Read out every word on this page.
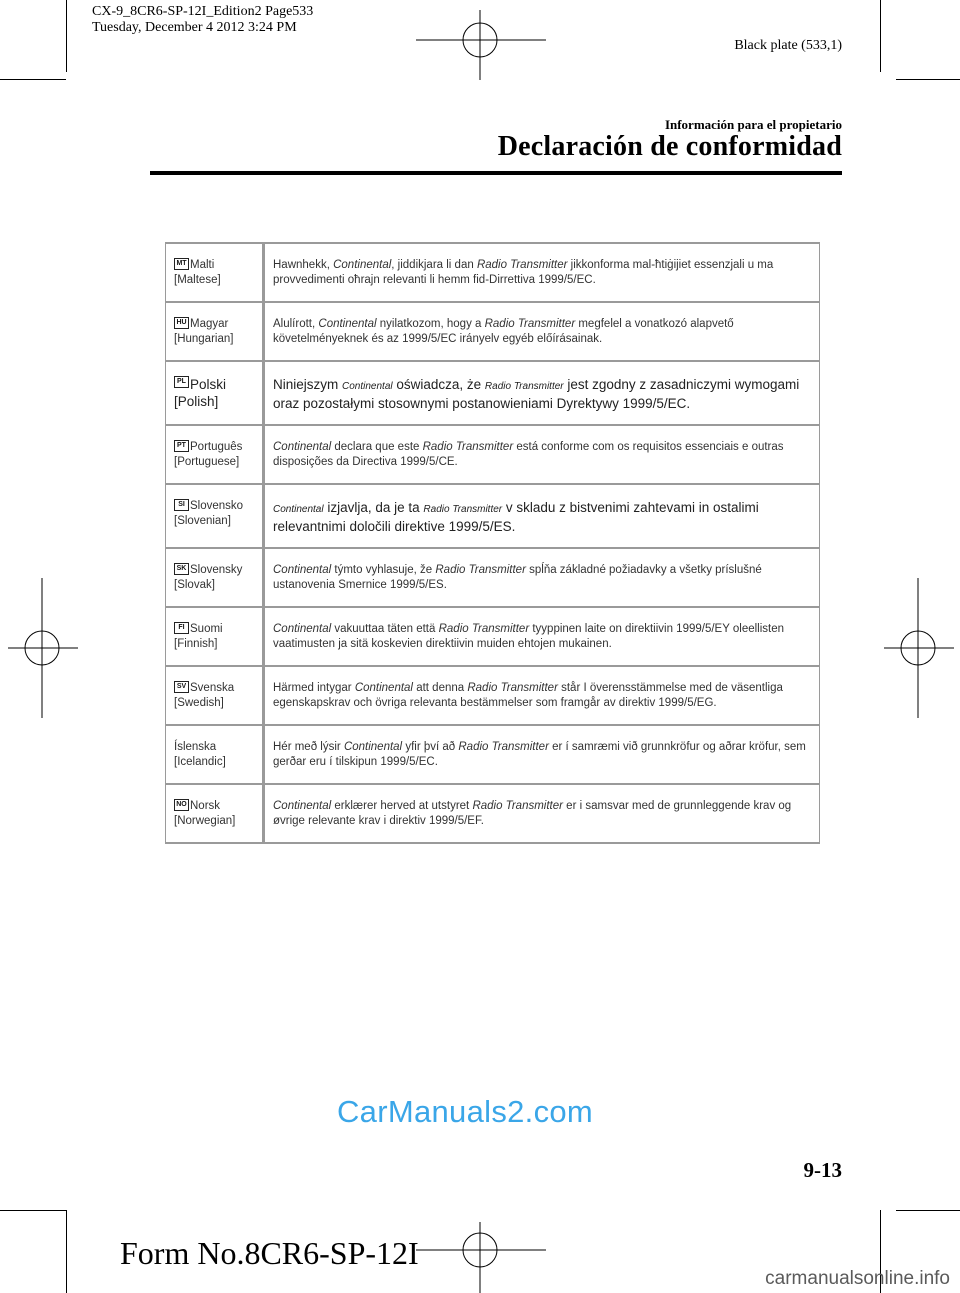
CX-9_8CR6-SP-12I_Edition2 Page533
Tuesday, December 4 2012 3:24 PM
Black plate (533,1)
Información para el propietario
Declaración de conformidad
MT Malti
[Maltese]	Hawnhekk, Continental, jiddikjara li dan Radio Transmitter jikkonforma mal-ħtiġijiet essenzjali u ma provvedimenti oħrajn relevanti li hemm fid-Dirrettiva 1999/5/EC.
HU Magyar
[Hungarian]	Alulírott, Continental nyilatkozom, hogy a Radio Transmitter megfelel a vonatkozó alapvető követelményeknek és az 1999/5/EC irányelv egyéb előírásainak.
PL Polski
[Polish]	Niniejszym Continental oświadcza, że Radio Transmitter jest zgodny z zasadniczymi wymogami oraz pozostałymi stosownymi postanowieniami Dyrektywy 1999/5/EC.
PT Português
[Portuguese]	Continental declara que este Radio Transmitter está conforme com os requisitos essenciais e outras disposições da Directiva 1999/5/CE.
SI Slovensko
[Slovenian]	Continental izjavlja, da je ta Radio Transmitter v skladu z bistvenimi zahtevami in ostalimi relevantnimi določili direktive 1999/5/ES.
SK Slovensky
[Slovak]	Continental týmto vyhlasuje, že Radio Transmitter spĺňa základné požiadavky a všetky príslušné ustanovenia Smernice 1999/5/ES.
FI Suomi
[Finnish]	Continental vakuuttaa täten että Radio Transmitter tyyppinen laite on direktiivin 1999/5/EY oleellisten vaatimusten ja sitä koskevien direktiivin muiden ehtojen mukainen.
SV Svenska
[Swedish]	Härmed intygar Continental att denna Radio Transmitter står I överensstämmelse med de väsentliga egenskapskrav och övriga relevanta bestämmelser som framgår av direktiv 1999/5/EG.
Íslenska
[Icelandic]	Hér með lýsir Continental yfir því að Radio Transmitter er í samræmi við grunnkröfur og aðrar kröfur, sem gerðar eru í tilskipun 1999/5/EC.
NO Norsk
[Norwegian]	Continental erklærer herved at utstyret Radio Transmitter er i samsvar med de grunnleggende krav og øvrige relevante krav i direktiv 1999/5/EF.
CarManuals2.com
9-13
Form No.8CR6-SP-12I
carmanualsonline.info
